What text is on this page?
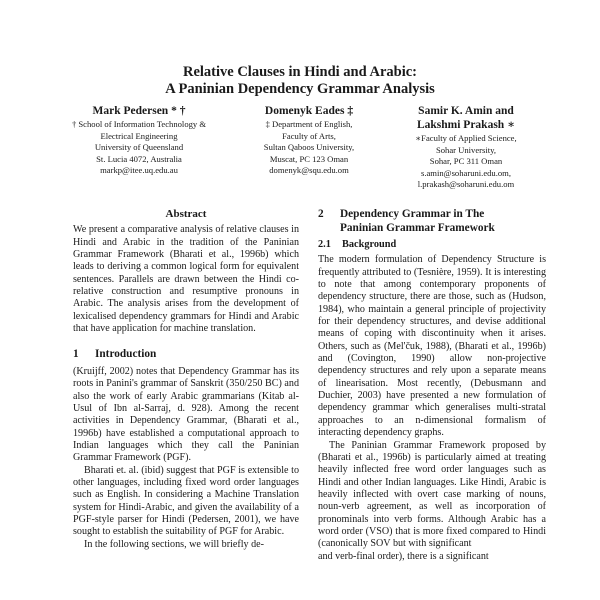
Relative Clauses in Hindi and Arabic:
A Paninian Dependency Grammar Analysis
Mark Pedersen * †
† School of Information Technology &
Electrical Engineering
University of Queensland
St. Lucia 4072, Australia
markp@itee.uq.edu.au
Domenyk Eades ‡
‡ Department of English,
Faculty of Arts,
Sultan Qaboos University,
Muscat, PC 123 Oman
domenyk@squ.edu.om
Samir K. Amin and
Lakshmi Prakash ∗
∗Faculty of Applied Science,
Sohar University,
Sohar, PC 311 Oman
s.amin@soharuni.edu.om,
l.prakash@soharuni.edu.om
Abstract

We present a comparative analysis of relative clauses in Hindi and Arabic in the tradition of the Paninian Grammar Framework (Bharati et al., 1996b) which leads to deriving a common logical form for equivalent sentences. Parallels are drawn between the Hindi co-relative construction and resumptive pronouns in Arabic. The analysis arises from the development of lexicalised dependency grammars for Hindi and Arabic that have application for machine translation.

1	Introduction

(Kruijff, 2002) notes that Dependency Grammar has its roots in Panini's grammar of Sanskrit (350/250 BC) and also the work of early Arabic grammarians (Kitab al-Usul of Ibn al-Sarraj, d. 928). Among the recent activities in Dependency Grammar, (Bharati et al., 1996b) have established a computational approach to Indian languages which they call the Paninian Grammar Framework (PGF).

Bharati et. al. (ibid) suggest that PGF is extensible to other languages, including fixed word order languages such as English. In considering a Machine Translation system for Hindi-Arabic, and given the availability of a PGF-style parser for Hindi (Pedersen, 2001), we have sought to establish the suitability of PGF for Arabic.

In the following sections, we will briefly de-

2	Dependency Grammar in The
Paninian Grammar Framework
2.1	Background

The modern formulation of Dependency Structure is frequently attributed to (Tesnière, 1959). It is interesting to note that among contemporary proponents of dependency structure, there are those, such as (Hudson, 1984), who maintain a general principle of projectivity for their dependency structures, and devise additional means of coping with discontinuity when it arises. Others, such as (Mel'čuk, 1988), (Bharati et al., 1996b) and (Covington, 1990) allow non-projective dependency structures and rely upon a separate means of linearisation. Most recently, (Debusmann and Duchier, 2003) have presented a new formulation of dependency grammar which generalises multi-stratal approaches to an n-dimensional formalism of interacting dependency graphs.

The Paninian Grammar Framework proposed by (Bharati et al., 1996b) is particularly aimed at treating heavily inflected free word order languages such as Hindi and other Indian languages. Like Hindi, Arabic is heavily inflected with overt case marking of nouns, noun-verb agreement, as well as incorporation of pronominals into verb forms. Although Arabic has a word order (VSO) that is more fixed compared to Hindi (canonically SOV but with significant

and verb-final order), there is a significant
